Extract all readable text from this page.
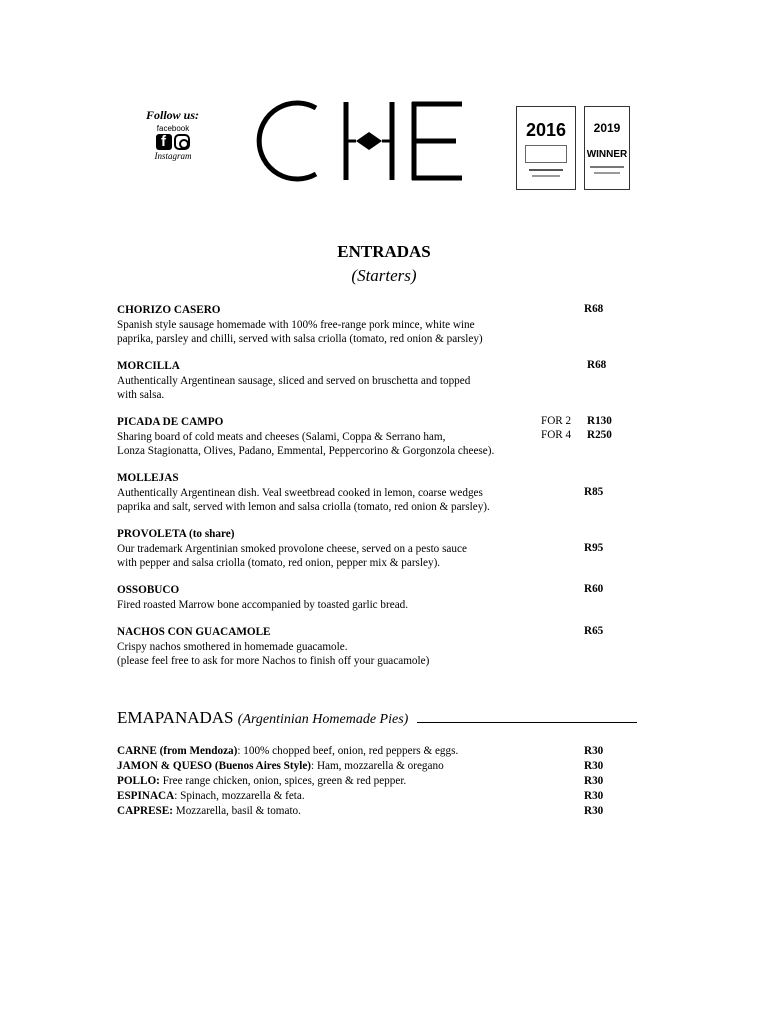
Follow us:
facebook
f
Instagram
2016	2019
WINNER
ENTRADAS
(Starters)
CHORIZO CASERO
Spanish style sausage homemade with 100% free-range pork mince, white wine
paprika, parsley and chilli, served with salsa criolla (tomato, red onion & parsley)
MORCILLA
Authentically Argentinean sausage, sliced and served on bruschetta and topped
with salsa.
PICADA DE CAMPO
Sharing board of cold meats and cheeses (Salami, Coppa & Serrano ham,
Lonza Stagionatta, Olives, Padano, Emmental, Peppercorino & Gorgonzola cheese).
MOLLEJAS
Authentically Argentinean dish. Veal sweetbread cooked in lemon, coarse wedges
paprika and salt, served with lemon and salsa criolla (tomato, red onion & parsley).
PROVOLETA (to share)
Our trademark Argentinian smoked provolone cheese, served on a pesto sauce
with pepper and salsa criolla (tomato, red onion, pepper mix & parsley).
OSSOBUCO
Fired roasted Marrow bone accompanied by toasted garlic bread.
NACHOS CON GUACAMOLE
Crispy nachos smothered in homemade guacamole.
(please feel free to ask for more Nachos to finish off your guacamole)
R68
R68
FOR 2 R130
FOR 4 R250
R85
R95
R60
R65
EMAPANADAS (Argentinian Homemade Pies)
CARNE (from Mendoza): 100% chopped beef, onion, red peppers & eggs.
JAMON & QUESO (Buenos Aires Style): Ham, mozzarella & oregano
POLLO: Free range chicken, onion, spices, green & red pepper.
ESPINACA: Spinach, mozzarella & feta.
CAPRESE: Mozzarella, basil & tomato.
R30
R30
R30
R30
R30
